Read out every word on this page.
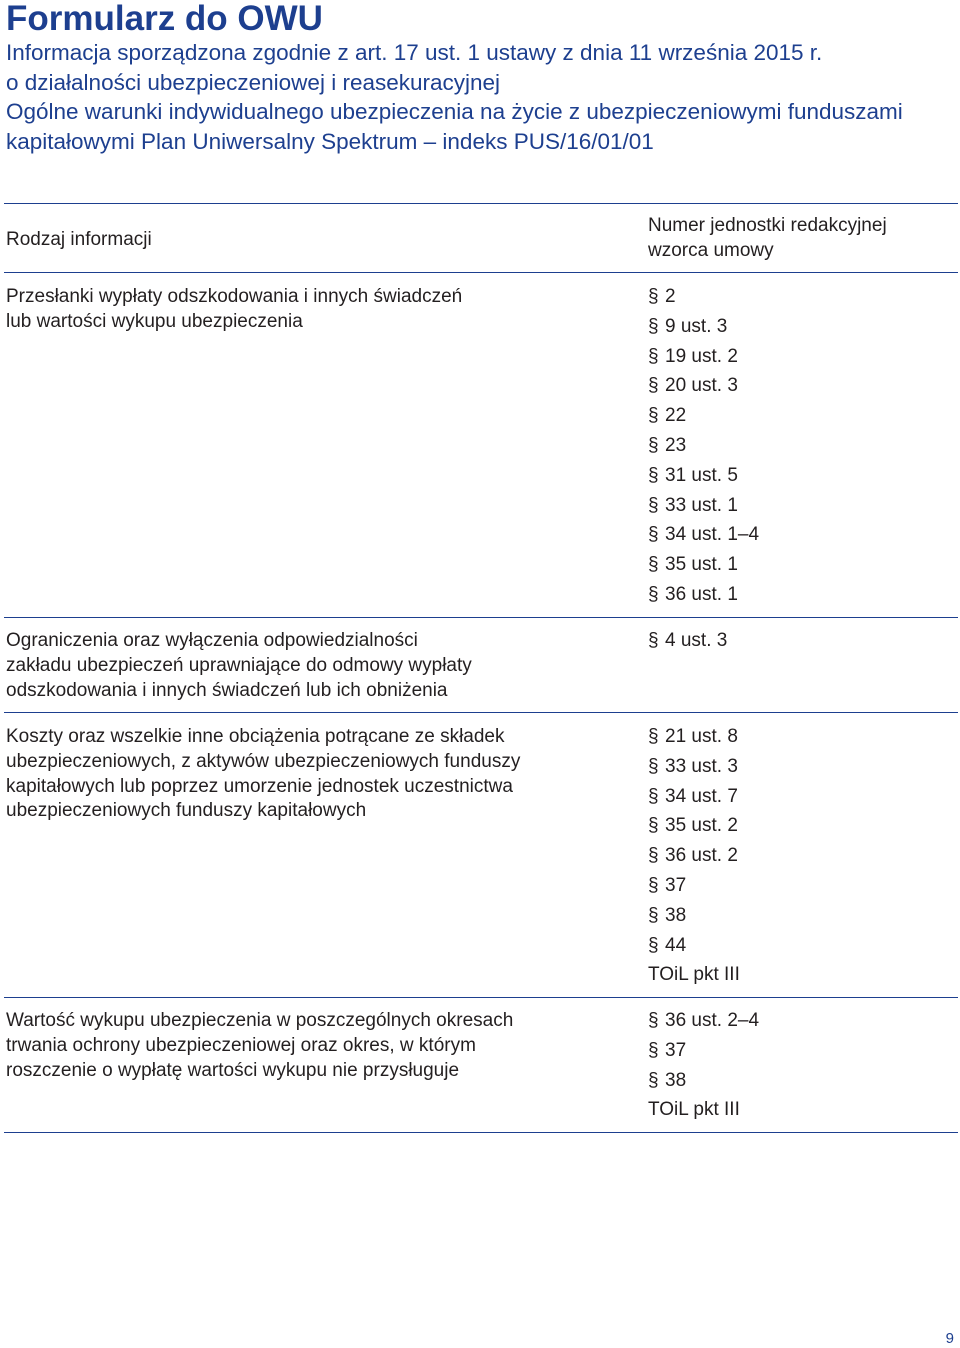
Formularz do OWU
Informacja sporządzona zgodnie z art. 17 ust. 1 ustawy z dnia 11 września 2015 r.
o działalności ubezpieczeniowej i reasekuracyjnej
Ogólne warunki indywidualnego ubezpieczenia na życie z ubezpieczeniowymi funduszami
kapitałowymi Plan Uniwersalny Spektrum – indeks PUS/16/01/01
Rodzaj informacji
Numer jednostki redakcyjnej
wzorca umowy
Przesłanki wypłaty odszkodowania i innych świadczeń
lub wartości wykupu ubezpieczenia
§ 2
§ 9 ust. 3
§ 19 ust. 2
§ 20 ust. 3
§ 22
§ 23
§ 31 ust. 5
§ 33 ust. 1
§ 34 ust. 1–4
§ 35 ust. 1
§ 36 ust. 1
Ograniczenia oraz wyłączenia odpowiedzialności
zakładu ubezpieczeń uprawniające do odmowy wypłaty
odszkodowania i innych świadczeń lub ich obniżenia
§ 4 ust. 3
Koszty oraz wszelkie inne obciążenia potrącane ze składek
ubezpieczeniowych, z aktywów ubezpieczeniowych funduszy
kapitałowych lub poprzez umorzenie jednostek uczestnictwa
ubezpieczeniowych funduszy kapitałowych
§ 21 ust. 8
§ 33 ust. 3
§ 34 ust. 7
§ 35 ust. 2
§ 36 ust. 2
§ 37
§ 38
§ 44
TOiL pkt III
Wartość wykupu ubezpieczenia w poszczególnych okresach
trwania ochrony ubezpieczeniowej oraz okres, w którym
roszczenie o wypłatę wartości wykupu nie przysługuje
§ 36 ust. 2–4
§ 37
§ 38
TOiL pkt III
9
